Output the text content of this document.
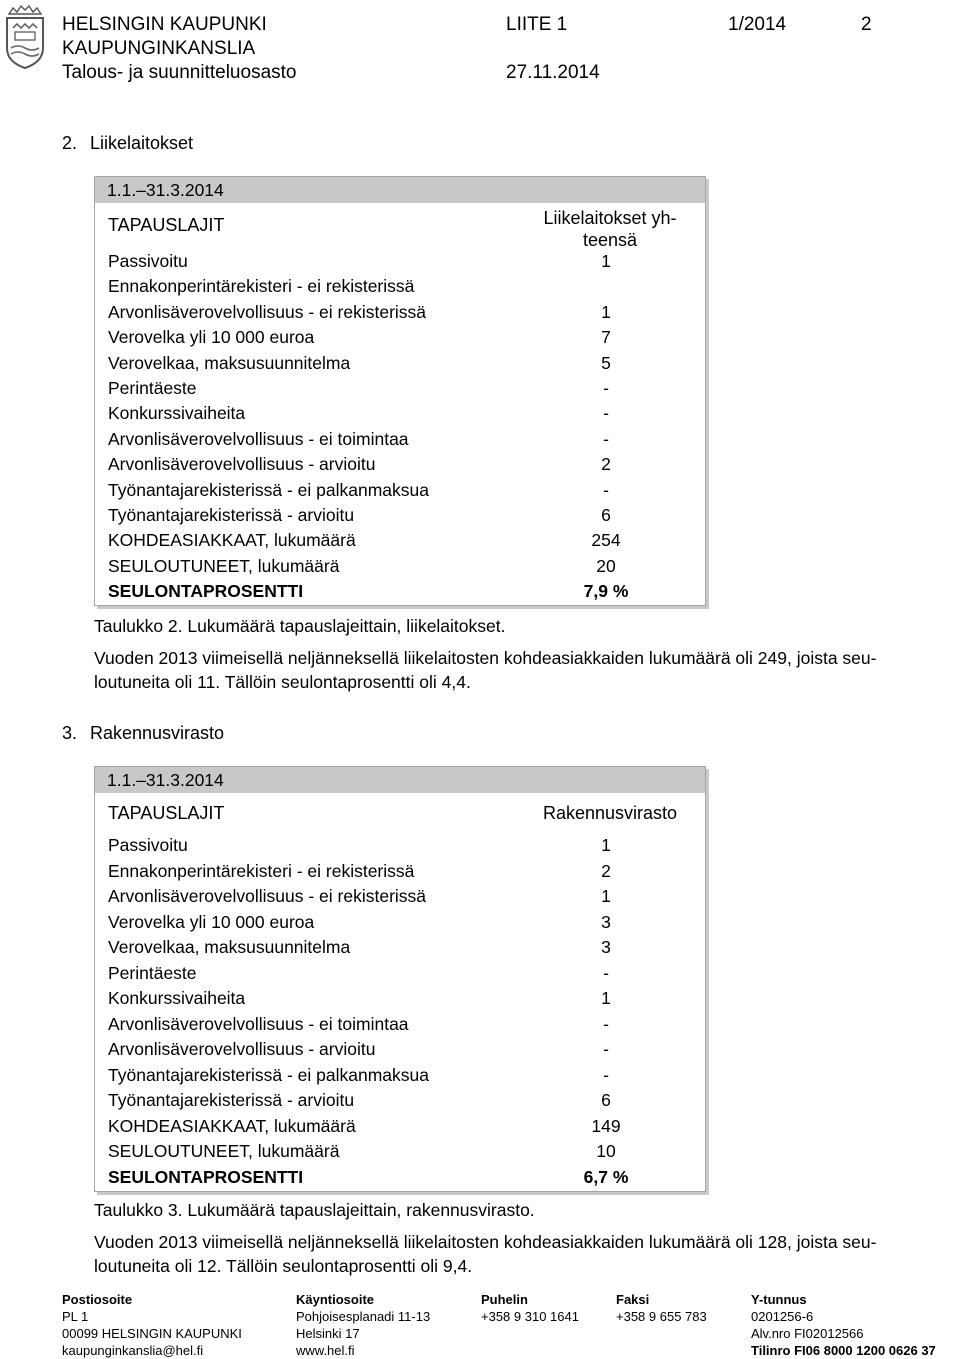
HELSINGIN KAUPUNKI
KAUPUNGINKANSLIA
Talous- ja suunnitteluosasto
LIITE 1	1/2014	2
27.11.2014
2. Liikelaitokset
1.1.–31.3.2014
TAPAUSLAJIT	Liikelaitokset yh-
teensä
Passivoitu	1
Ennakonperintärekisteri - ei rekisterissä
Arvonlisäverovelvollisuus - ei rekisterissä	1
Verovelka yli 10 000 euroa	7
Verovelkaa, maksusuunnitelma	5
Perintäeste	-
Konkurssivaiheita	-
Arvonlisäverovelvollisuus - ei toimintaa	-
Arvonlisäverovelvollisuus - arvioitu	2
Työnantajarekisterissä - ei palkanmaksua	-
Työnantajarekisterissä - arvioitu	6
KOHDEASIAKKAAT, lukumäärä	254
SEULOUTUNEET, lukumäärä	20
SEULONTAPROSENTTI	7,9 %
Taulukko 2. Lukumäärä tapauslajeittain, liikelaitokset.
Vuoden 2013 viimeisellä neljänneksellä liikelaitosten kohdeasiakkaiden lukumäärä oli 249, joista seu-
loutuneita oli 11. Tällöin seulontaprosentti oli 4,4.
3. Rakennusvirasto
1.1.–31.3.2014
TAPAUSLAJIT	Rakennusvirasto
Passivoitu	1
Ennakonperintärekisteri - ei rekisterissä	2
Arvonlisäverovelvollisuus - ei rekisterissä	1
Verovelka yli 10 000 euroa	3
Verovelkaa, maksusuunnitelma	3
Perintäeste	-
Konkurssivaiheita	1
Arvonlisäverovelvollisuus - ei toimintaa	-
Arvonlisäverovelvollisuus - arvioitu	-
Työnantajarekisterissä - ei palkanmaksua	-
Työnantajarekisterissä - arvioitu	6
KOHDEASIAKKAAT, lukumäärä	149
SEULOUTUNEET, lukumäärä	10
SEULONTAPROSENTTI	6,7 %
Taulukko 3. Lukumäärä tapauslajeittain, rakennusvirasto.
Vuoden 2013 viimeisellä neljänneksellä liikelaitosten kohdeasiakkaiden lukumäärä oli 128, joista seu-
loutuneita oli 12. Tällöin seulontaprosentti oli 9,4.
Postiosoite
PL 1
00099 HELSINGIN KAUPUNKI
kaupunginkanslia@hel.fi
Käyntiosoite
Pohjoisesplanadi 11-13
Helsinki 17
www.hel.fi
Puhelin
+358 9 310 1641
Faksi
+358 9 655 783
Y-tunnus
0201256-6
Alv.nro FI02012566
Tilinro FI06 8000 1200 0626 37
